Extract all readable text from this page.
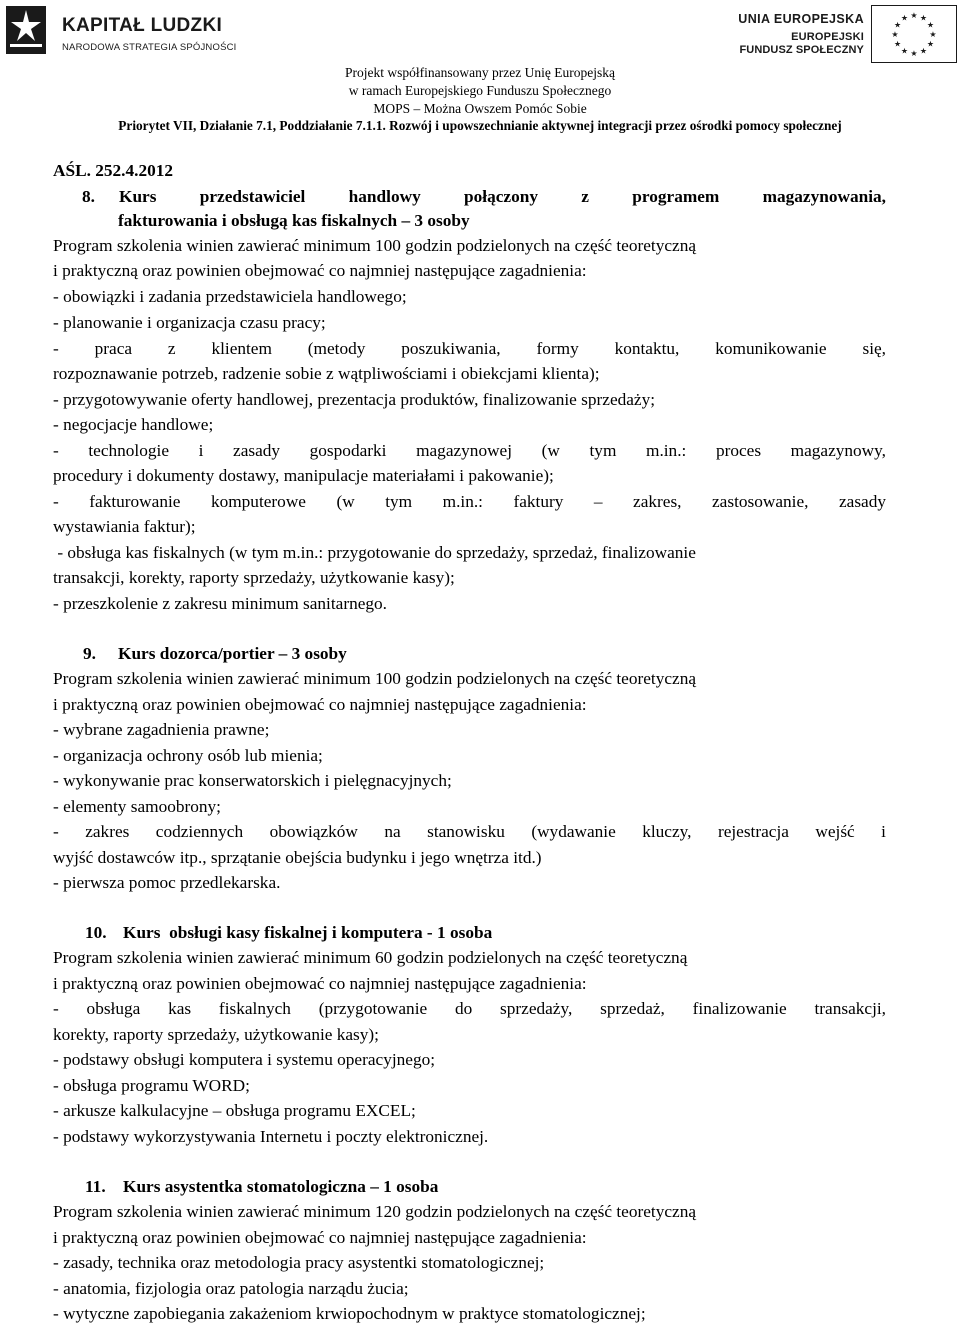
KAPITAŁ LUDZKI
NARODOWA STRATEGIA SPÓJNOŚCI
UNIA EUROPEJSKA
EUROPEJSKI
FUNDUSZ SPOŁECZNY
★ ★
★
★
★
★
★
★
★
★
★
★
Projekt współfinansowany przez Unię Europejską
w ramach Europejskiego Funduszu Społecznego
MOPS – Można Owszem Pomóc Sobie
Priorytet VII, Działanie 7.1, Poddziałanie 7.1.1. Rozwój i upowszechnianie aktywnej integracji przez ośrodki pomocy społecznej
AŚL. 252.4.2012
8. Kurs przedstawiciel handlowy połączony z programem magazynowania,
fakturowania i obsługą kas fiskalnych – 3 osoby
Program szkolenia winien zawierać minimum 100 godzin podzielonych na część teoretyczną
i praktyczną oraz powinien obejmować co najmniej następujące zagadnienia:
- obowiązki i zadania przedstawiciela handlowego;
- planowanie i organizacja czasu pracy;
- praca z klientem (metody poszukiwania, formy kontaktu, komunikowanie się,
rozpoznawanie potrzeb, radzenie sobie z wątpliwościami i obiekcjami klienta);
- przygotowywanie oferty handlowej, prezentacja produktów, finalizowanie sprzedaży;
- negocjacje handlowe;
- technologie i zasady gospodarki magazynowej (w tym m.in.: proces magazynowy,
procedury i dokumenty dostawy, manipulacje materiałami i pakowanie);
- fakturowanie komputerowe (w tym m.in.: faktury – zakres, zastosowanie, zasady
wystawiania faktur);
- obsługa kas fiskalnych (w tym m.in.: przygotowanie do sprzedaży, sprzedaż, finalizowanie
transakcji, korekty, raporty sprzedaży, użytkowanie kasy);
- przeszkolenie z zakresu minimum sanitarnego.
9. Kurs dozorca/portier – 3 osoby
Program szkolenia winien zawierać minimum 100 godzin podzielonych na część teoretyczną
i praktyczną oraz powinien obejmować co najmniej następujące zagadnienia:
- wybrane zagadnienia prawne;
- organizacja ochrony osób lub mienia;
- wykonywanie prac konserwatorskich i pielęgnacyjnych;
- elementy samoobrony;
- zakres codziennych obowiązków na stanowisku (wydawanie kluczy, rejestracja wejść i
wyjść dostawców itp., sprzątanie obejścia budynku i jego wnętrza itd.)
- pierwsza pomoc przedlekarska.
10. Kurs  obsługi kasy fiskalnej i komputera - 1 osoba
Program szkolenia winien zawierać minimum 60 godzin podzielonych na część teoretyczną
i praktyczną oraz powinien obejmować co najmniej następujące zagadnienia:
- obsługa kas fiskalnych (przygotowanie do sprzedaży, sprzedaż, finalizowanie transakcji,
korekty, raporty sprzedaży, użytkowanie kasy);
- podstawy obsługi komputera i systemu operacyjnego;
- obsługa programu WORD;
- arkusze kalkulacyjne – obsługa programu EXCEL;
- podstawy wykorzystywania Internetu i poczty elektronicznej.
11. Kurs asystentka stomatologiczna – 1 osoba
Program szkolenia winien zawierać minimum 120 godzin podzielonych na część teoretyczną
i praktyczną oraz powinien obejmować co najmniej następujące zagadnienia:
- zasady, technika oraz metodologia pracy asystentki stomatologicznej;
- anatomia, fizjologia oraz patologia narządu żucia;
- wytyczne zapobiegania zakażeniom krwiopochodnym w praktyce stomatologicznej;
